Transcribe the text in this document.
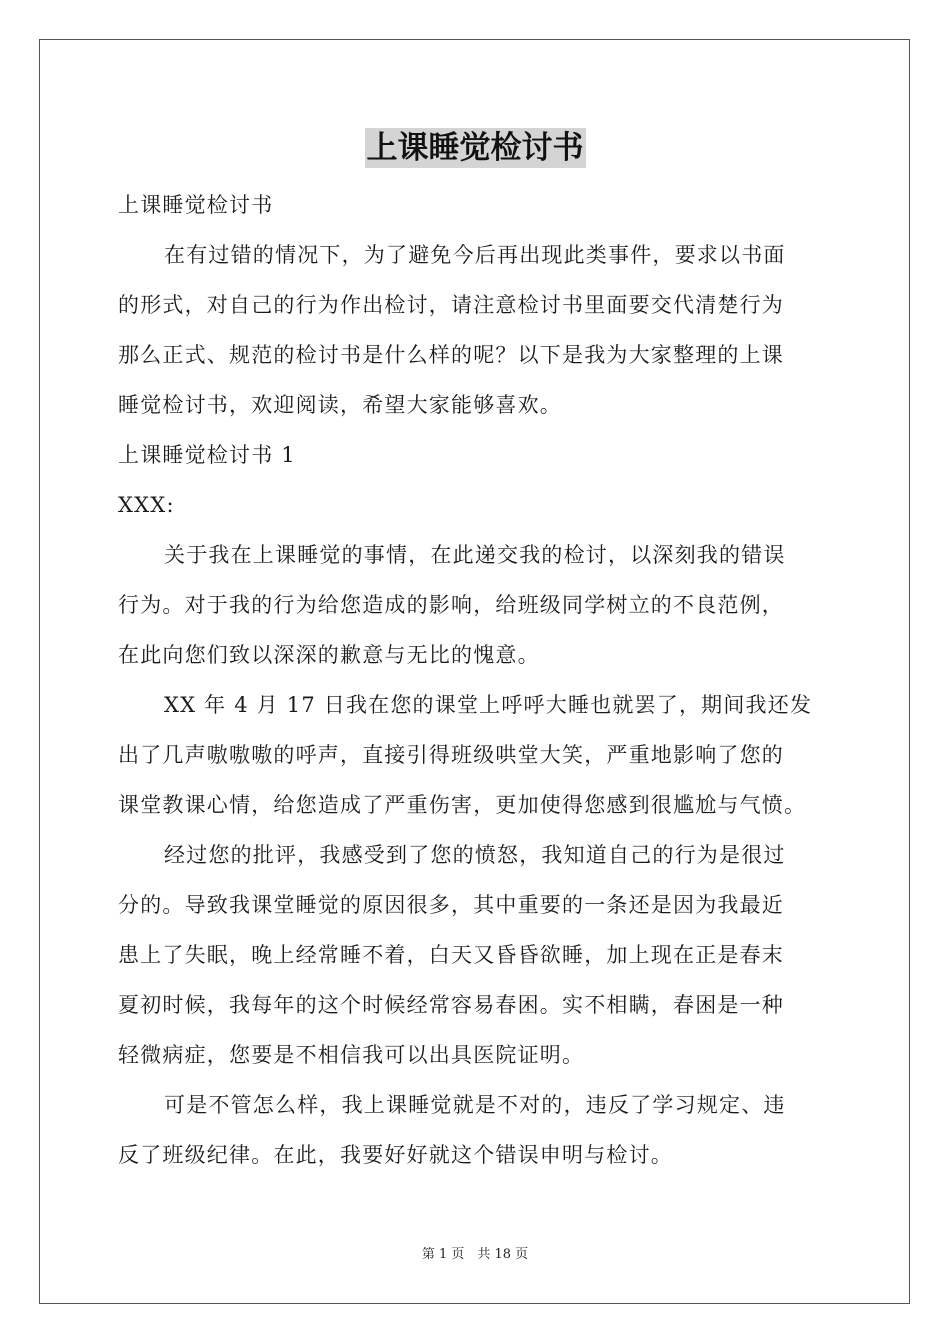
上课睡觉检讨书
上课睡觉检讨书
在有过错的情况下，为了避免今后再出现此类事件，要求以书面
的形式，对自己的行为作出检讨，请注意检讨书里面要交代清楚行为
那么正式、规范的检讨书是什么样的呢？以下是我为大家整理的上课
睡觉检讨书，欢迎阅读，希望大家能够喜欢。
上课睡觉检讨书 1
XXX:
关于我在上课睡觉的事情，在此递交我的检讨，以深刻我的错误
行为。对于我的行为给您造成的影响，给班级同学树立的不良范例，
在此向您们致以深深的歉意与无比的愧意。
XX 年 4 月 17 日我在您的课堂上呼呼大睡也就罢了，期间我还发
出了几声嗷嗷嗷的呼声，直接引得班级哄堂大笑，严重地影响了您的
课堂教课心情，给您造成了严重伤害，更加使得您感到很尴尬与气愤。
经过您的批评，我感受到了您的愤怒，我知道自己的行为是很过
分的。导致我课堂睡觉的原因很多，其中重要的一条还是因为我最近
患上了失眠，晚上经常睡不着，白天又昏昏欲睡，加上现在正是春末
夏初时候，我每年的这个时候经常容易春困。实不相瞒，春困是一种
轻微病症，您要是不相信我可以出具医院证明。
可是不管怎么样，我上课睡觉就是不对的，违反了学习规定、违
反了班级纪律。在此，我要好好就这个错误申明与检讨。
第 1 页　共 18 页
